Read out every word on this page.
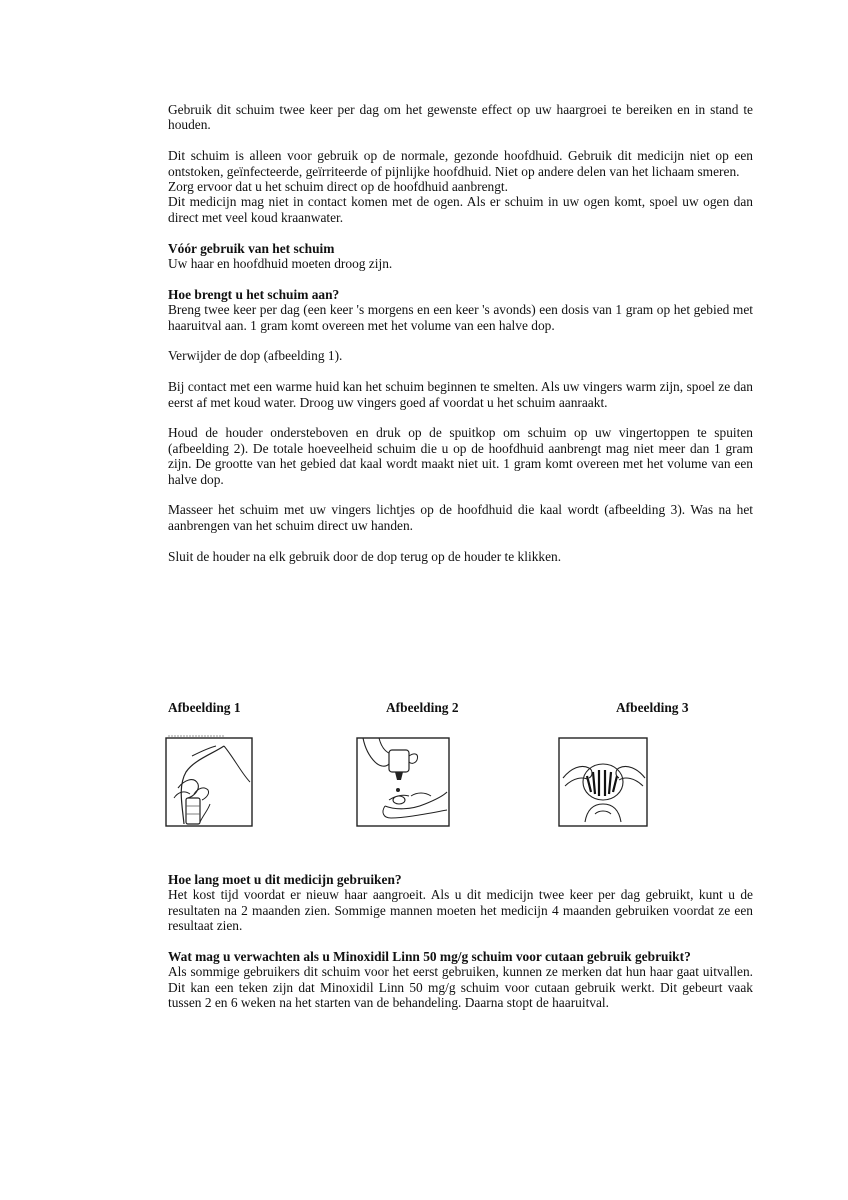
Gebruik dit schuim twee keer per dag om het gewenste effect op uw haargroei te bereiken en in stand te houden.

Dit schuim is alleen voor gebruik op de normale, gezonde hoofdhuid. Gebruik dit medicijn niet op een ontstoken, geïnfecteerde, geïrriteerde of pijnlijke hoofdhuid. Niet op andere delen van het lichaam smeren.

Zorg ervoor dat u het schuim direct op de hoofdhuid aanbrengt.

Dit medicijn mag niet in contact komen met de ogen. Als er schuim in uw ogen komt, spoel uw ogen dan direct met veel koud kraanwater.

Vóór gebruik van het schuim

Uw haar en hoofdhuid moeten droog zijn.

Hoe brengt u het schuim aan?

Breng twee keer per dag (een keer 's morgens en een keer 's avonds) een dosis van 1 gram op het gebied met haaruitval aan. 1 gram komt overeen met het volume van een halve dop.

Verwijder de dop (afbeelding 1).

Bij contact met een warme huid kan het schuim beginnen te smelten. Als uw vingers warm zijn, spoel ze dan eerst af met koud water. Droog uw vingers goed af voordat u het schuim aanraakt.

Houd de houder ondersteboven en druk op de spuitkop om schuim op uw vingertoppen te spuiten (afbeelding 2). De totale hoeveelheid schuim die u op de hoofdhuid aanbrengt mag niet meer dan 1 gram zijn. De grootte van het gebied dat kaal wordt maakt niet uit. 1 gram komt overeen met het volume van een halve dop.

Masseer het schuim met uw vingers lichtjes op de hoofdhuid die kaal wordt (afbeelding 3). Was na het aanbrengen van het schuim direct uw handen.

Sluit de houder na elk gebruik door de dop terug op de houder te klikken.

Afbeelding 1	Afbeelding 2	Afbeelding 3

Hoe lang moet u dit medicijn gebruiken?

Het kost tijd voordat er nieuw haar aangroeit. Als u dit medicijn twee keer per dag gebruikt, kunt u de resultaten na 2 maanden zien. Sommige mannen moeten het medicijn 4 maanden gebruiken voordat ze een resultaat zien.

Wat mag u verwachten als u Minoxidil Linn 50 mg/g schuim voor cutaan gebruik gebruikt?

Als sommige gebruikers dit schuim voor het eerst gebruiken, kunnen ze merken dat hun haar gaat uitvallen. Dit kan een teken zijn dat Minoxidil Linn 50 mg/g schuim voor cutaan gebruik werkt. Dit gebeurt vaak tussen 2 en 6 weken na het starten van de behandeling. Daarna stopt de haaruitval.
